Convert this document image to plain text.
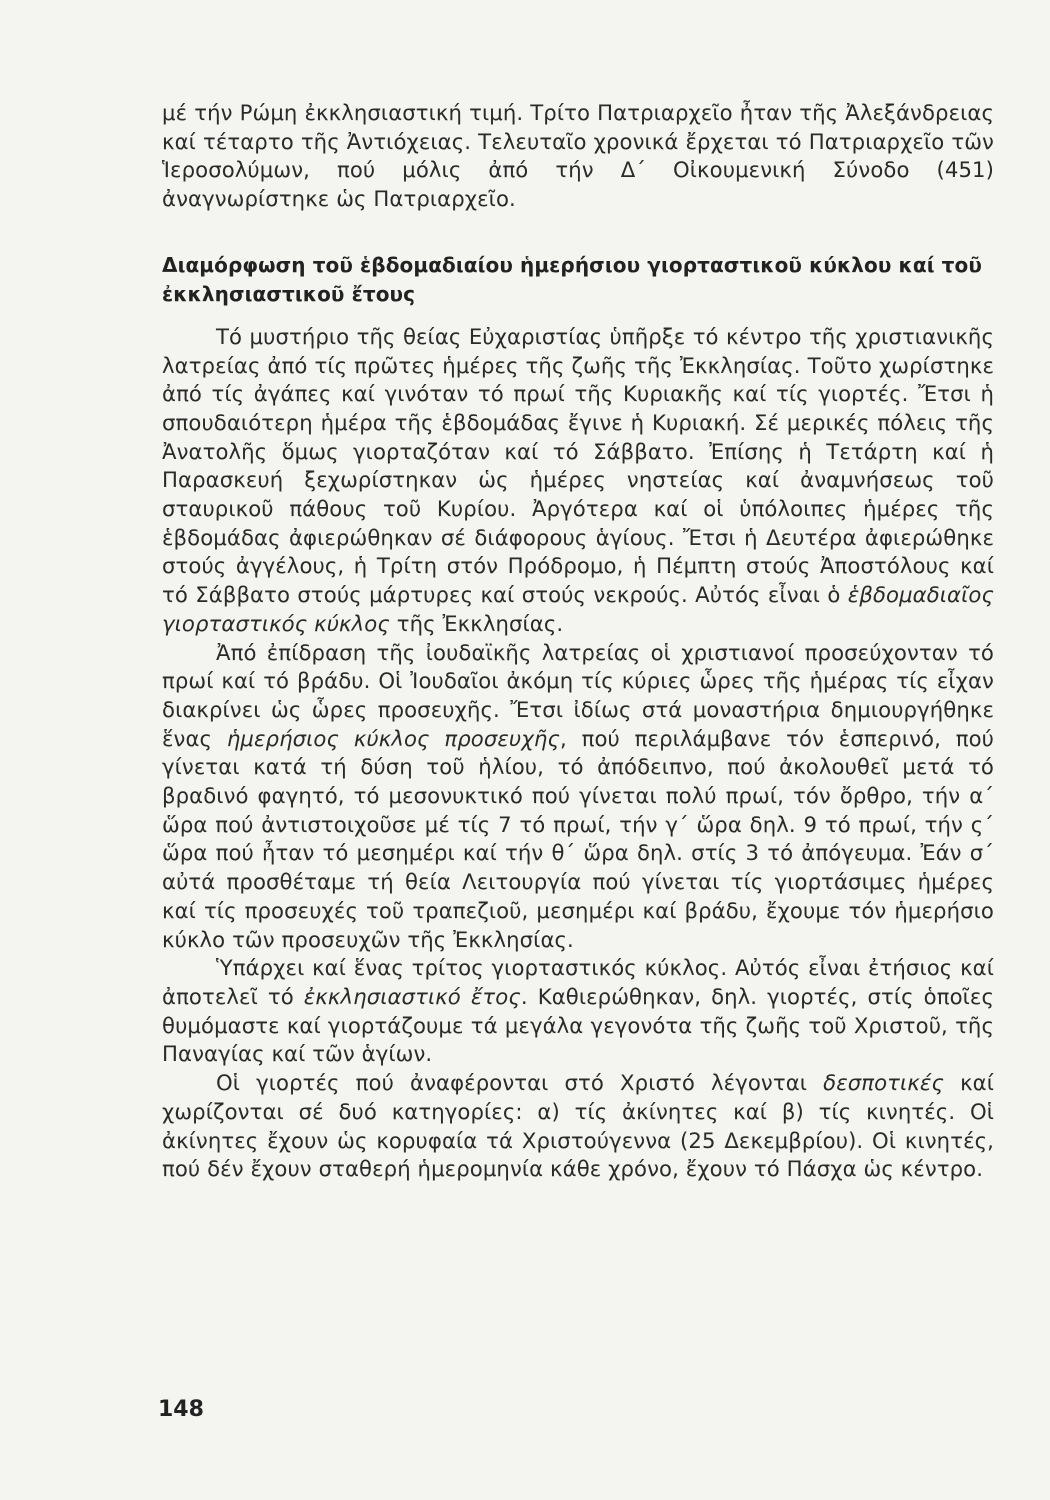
μέ τήν Ρώμη ἐκκλησιαστική τιμή. Τρίτο Πατριαρχεῖο ἦταν τῆς Ἀλεξάνδρειας καί τέταρτο τῆς Ἀντιόχειας. Τελευταῖο χρονικά ἔρχεται τό Πατριαρχεῖο τῶν Ἱεροσολύμων, πού μόλις ἀπό τήν Δ΄ Οἰκουμενική Σύνοδο (451) ἀναγνωρίστηκε ὡς Πατριαρχεῖο.

Διαμόρφωση τοῦ ἑβδομαδιαίου ἡμερήσιου γιορταστικοῦ κύκλου καί τοῦ ἐκκλησιαστικοῦ ἔτους

Τό μυστήριο τῆς θείας Εὐχαριστίας ὑπῆρξε τό κέντρο τῆς χριστιανικῆς λατρείας ἀπό τίς πρῶτες ἡμέρες τῆς ζωῆς τῆς Ἐκκλησίας. Τοῦτο χωρίστηκε ἀπό τίς ἀγάπες καί γινόταν τό πρωί τῆς Κυριακῆς καί τίς γιορτές. Ἔτσι ἡ σπουδαιότερη ἡμέρα τῆς ἑβδομάδας ἔγινε ἡ Κυριακή. Σέ μερικές πόλεις τῆς Ἀνατολῆς ὅμως γιορταζόταν καί τό Σάββατο. Ἐπίσης ἡ Τετάρτη καί ἡ Παρασκευή ξεχωρίστηκαν ὡς ἡμέρες νηστείας καί ἀναμνήσεως τοῦ σταυρικοῦ πάθους τοῦ Κυρίου. Ἀργότερα καί οἱ ὑπόλοιπες ἡμέρες τῆς ἑβδομάδας ἀφιερώθηκαν σέ διάφορους ἁγίους. Ἔτσι ἡ Δευτέρα ἀφιερώθηκε στούς ἀγγέλους, ἡ Τρίτη στόν Πρόδρομο, ἡ Πέμπτη στούς Ἀποστόλους καί τό Σάββατο στούς μάρτυρες καί στούς νεκρούς. Αὐτός εἶναι ὁ ἑβδομαδιαῖος γιορταστικός κύκλος τῆς Ἐκκλησίας.

Ἀπό ἐπίδραση τῆς ἰουδαϊκῆς λατρείας οἱ χριστιανοί προσεύχονταν τό πρωί καί τό βράδυ. Οἱ Ἰουδαῖοι ἀκόμη τίς κύριες ὧρες τῆς ἡμέρας τίς εἶχαν διακρίνει ὡς ὧρες προσευχῆς. Ἔτσι ἰδίως στά μοναστήρια δημιουργήθηκε ἕνας ἡμερήσιος κύκλος προσευχῆς, πού περιλάμβανε τόν ἑσπερινό, πού γίνεται κατά τή δύση τοῦ ἡλίου, τό ἀπόδειπνο, πού ἀκολουθεῖ μετά τό βραδινό φαγητό, τό μεσονυκτικό πού γίνεται πολύ πρωί, τόν ὄρθρο, τήν α΄ ὥρα πού ἀντιστοιχοῦσε μέ τίς 7 τό πρωί, τήν γ΄ ὥρα δηλ. 9 τό πρωί, τήν ς΄ ὥρα πού ἦταν τό μεσημέρι καί τήν θ΄ ὥρα δηλ. στίς 3 τό ἀπόγευμα. Ἐάν σ΄ αὐτά προσθέταμε τή θεία Λειτουργία πού γίνεται τίς γιορτάσιμες ἡμέρες καί τίς προσευχές τοῦ τραπεζιοῦ, μεσημέρι καί βράδυ, ἔχουμε τόν ἡμερήσιο κύκλο τῶν προσευχῶν τῆς Ἐκκλησίας.

Ὑπάρχει καί ἕνας τρίτος γιορταστικός κύκλος. Αὐτός εἶναι ἐτήσιος καί ἀποτελεῖ τό ἐκκλησιαστικό ἔτος. Καθιερώθηκαν, δηλ. γιορτές, στίς ὁποῖες θυμόμαστε καί γιορτάζουμε τά μεγάλα γεγονότα τῆς ζωῆς τοῦ Χριστοῦ, τῆς Παναγίας καί τῶν ἁγίων.

Οἱ γιορτές πού ἀναφέρονται στό Χριστό λέγονται δεσποτικές καί χωρίζονται σέ δυό κατηγορίες: α) τίς ἀκίνητες καί β) τίς κινητές. Οἱ ἀκίνητες ἔχουν ὡς κορυφαία τά Χριστούγεννα (25 Δεκεμβρίου). Οἱ κινητές, πού δέν ἔχουν σταθερή ἡμερομηνία κάθε χρόνο, ἔχουν τό Πάσχα ὡς κέντρο.

148
